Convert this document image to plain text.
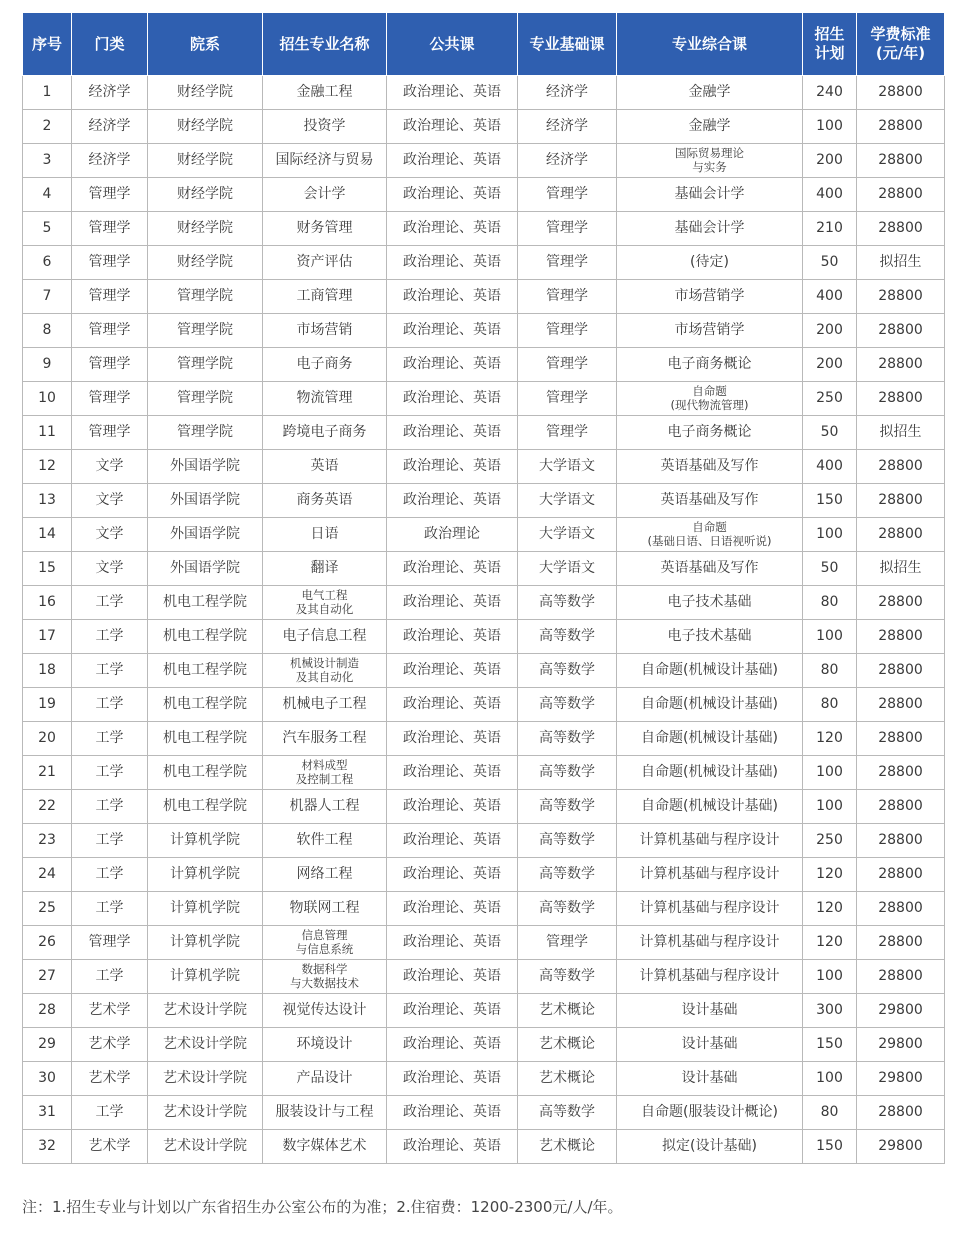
序号	门类	院系	招生专业名称	公共课	专业基础课	专业综合课	招生
计划	学费标准
(元/年)
1	经济学	财经学院	金融工程	政治理论、英语	经济学	金融学	240	28800
2	经济学	财经学院	投资学	政治理论、英语	经济学	金融学	100	28800
3	经济学	财经学院	国际经济与贸易	政治理论、英语	经济学	国际贸易理论
与实务	200	28800
4	管理学	财经学院	会计学	政治理论、英语	管理学	基础会计学	400	28800
5	管理学	财经学院	财务管理	政治理论、英语	管理学	基础会计学	210	28800
6	管理学	财经学院	资产评估	政治理论、英语	管理学	(待定)	50	拟招生
7	管理学	管理学院	工商管理	政治理论、英语	管理学	市场营销学	400	28800
8	管理学	管理学院	市场营销	政治理论、英语	管理学	市场营销学	200	28800
9	管理学	管理学院	电子商务	政治理论、英语	管理学	电子商务概论	200	28800
10	管理学	管理学院	物流管理	政治理论、英语	管理学	自命题
(现代物流管理)	250	28800
11	管理学	管理学院	跨境电子商务	政治理论、英语	管理学	电子商务概论	50	拟招生
12	文学	外国语学院	英语	政治理论、英语	大学语文	英语基础及写作	400	28800
13	文学	外国语学院	商务英语	政治理论、英语	大学语文	英语基础及写作	150	28800
14	文学	外国语学院	日语	政治理论	大学语文	自命题
(基础日语、日语视听说)	100	28800
15	文学	外国语学院	翻译	政治理论、英语	大学语文	英语基础及写作	50	拟招生
16	工学	机电工程学院	电气工程
及其自动化	政治理论、英语	高等数学	电子技术基础	80	28800
17	工学	机电工程学院	电子信息工程	政治理论、英语	高等数学	电子技术基础	100	28800
18	工学	机电工程学院	机械设计制造
及其自动化	政治理论、英语	高等数学	自命题(机械设计基础)	80	28800
19	工学	机电工程学院	机械电子工程	政治理论、英语	高等数学	自命题(机械设计基础)	80	28800
20	工学	机电工程学院	汽车服务工程	政治理论、英语	高等数学	自命题(机械设计基础)	120	28800
21	工学	机电工程学院	材料成型
及控制工程	政治理论、英语	高等数学	自命题(机械设计基础)	100	28800
22	工学	机电工程学院	机器人工程	政治理论、英语	高等数学	自命题(机械设计基础)	100	28800
23	工学	计算机学院	软件工程	政治理论、英语	高等数学	计算机基础与程序设计	250	28800
24	工学	计算机学院	网络工程	政治理论、英语	高等数学	计算机基础与程序设计	120	28800
25	工学	计算机学院	物联网工程	政治理论、英语	高等数学	计算机基础与程序设计	120	28800
26	管理学	计算机学院	信息管理
与信息系统	政治理论、英语	管理学	计算机基础与程序设计	120	28800
27	工学	计算机学院	数据科学
与大数据技术	政治理论、英语	高等数学	计算机基础与程序设计	100	28800
28	艺术学	艺术设计学院	视觉传达设计	政治理论、英语	艺术概论	设计基础	300	29800
29	艺术学	艺术设计学院	环境设计	政治理论、英语	艺术概论	设计基础	150	29800
30	艺术学	艺术设计学院	产品设计	政治理论、英语	艺术概论	设计基础	100	29800
31	工学	艺术设计学院	服装设计与工程	政治理论、英语	高等数学	自命题(服装设计概论)	80	28800
32	艺术学	艺术设计学院	数字媒体艺术	政治理论、英语	艺术概论	拟定(设计基础)	150	29800
注：1.招生专业与计划以广东省招生办公室公布的为准；2.住宿费：1200-2300元/人/年。
